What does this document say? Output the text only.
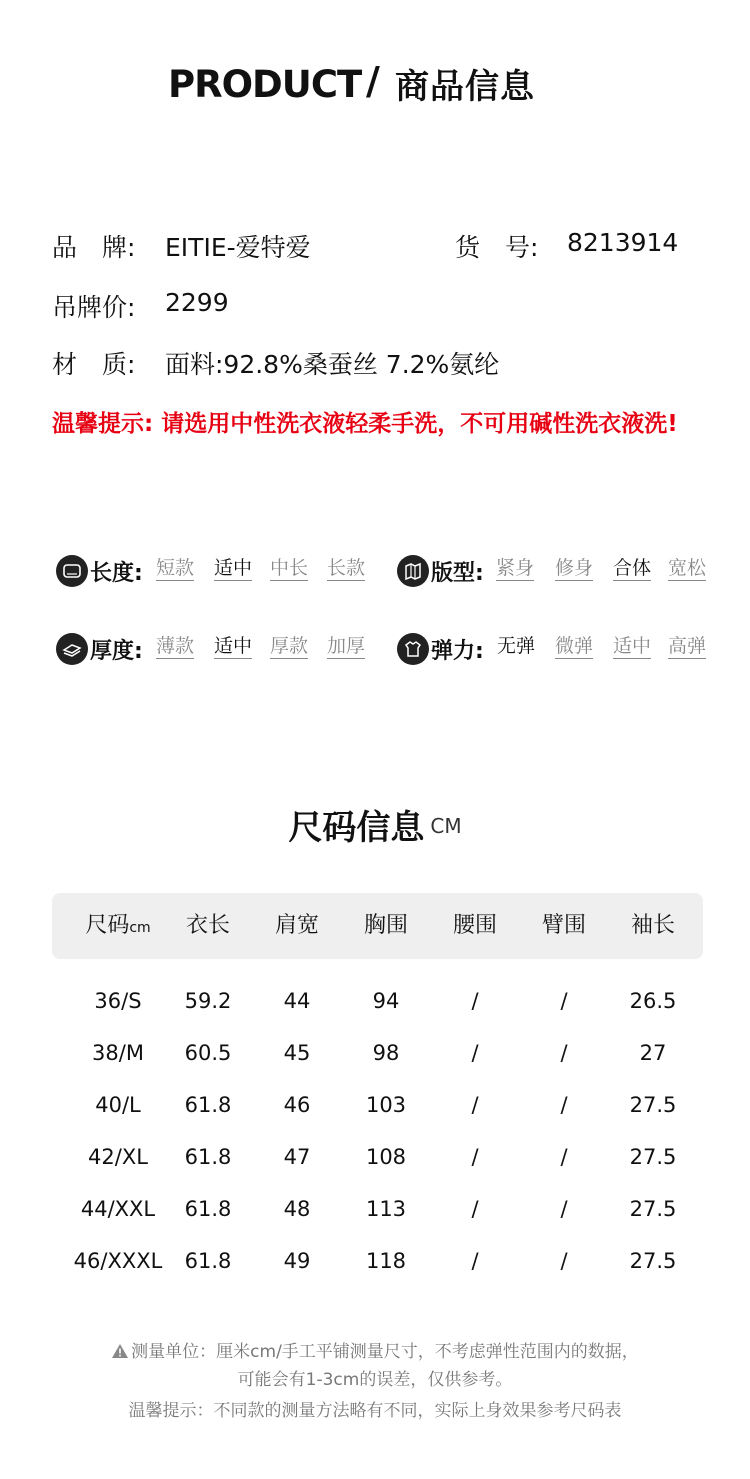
PRODUCT / 商品信息
品　牌: EITIE-爱特爱	货　号: 8213914
吊牌价: 2299
材　质: 面料:92.8%桑蚕丝 7.2%氨纶
温馨提示: 请选用中性洗衣液轻柔手洗，不可用碱性洗衣液洗!
长度: 短款 适中 中长 长款	版型: 紧身 修身 合体 宽松
厚度: 薄款 适中 厚款 加厚	弹力: 无弹 微弹 适中 高弹
尺码信息 CM
尺码cm	衣长	肩宽	胸围	腰围	臂围	袖长
36/S	59.2	44	94	/	/	26.5
38/M	60.5	45	98	/	/	27
40/L	61.8	46	103	/	/	27.5
42/XL	61.8	47	108	/	/	27.5
44/XXL	61.8	48	113	/	/	27.5
46/XXXL	61.8	49	118	/	/	27.5
测量单位：厘米cm/手工平铺测量尺寸，不考虑弹性范围内的数据，
可能会有1-3cm的误差，仅供参考。
温馨提示：不同款的测量方法略有不同，实际上身效果参考尺码表
